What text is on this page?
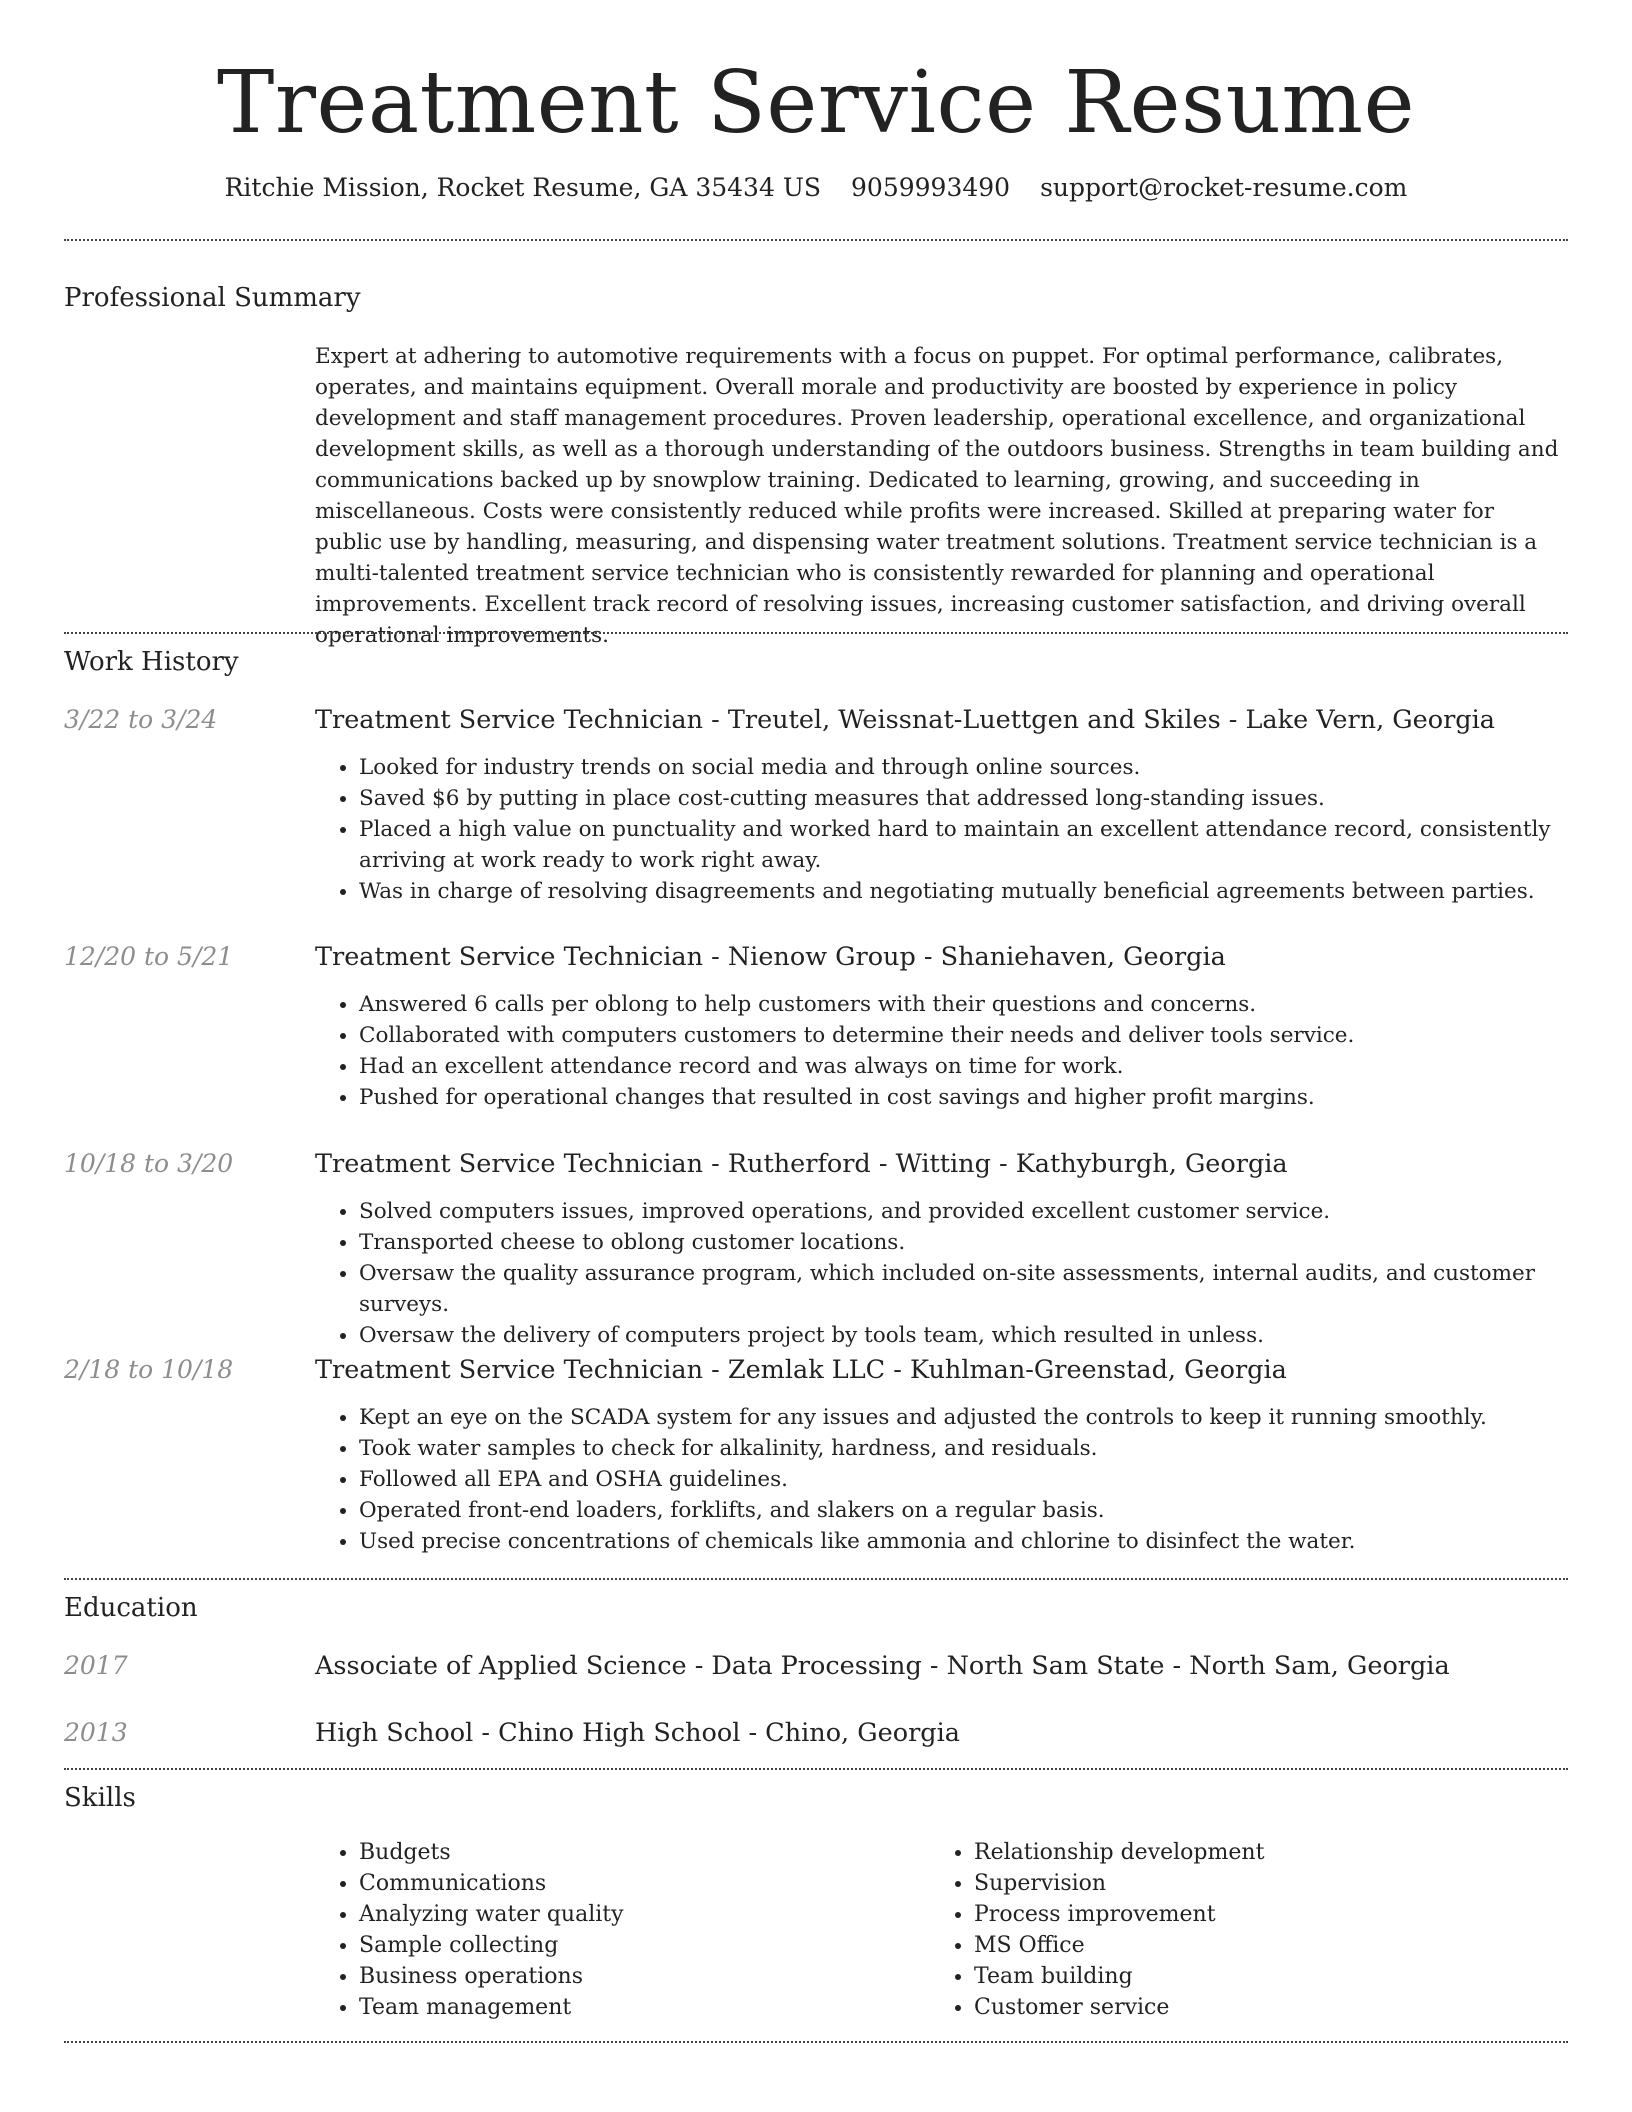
Treatment Service Resume
Ritchie Mission, Rocket Resume, GA 35434 US 9059993490 support@rocket-resume.com
Professional Summary
Expert at adhering to automotive requirements with a focus on puppet. For optimal performance, calibrates, operates, and maintains equipment. Overall morale and productivity are boosted by experience in policy development and staff management procedures. Proven leadership, operational excellence, and organizational development skills, as well as a thorough understanding of the outdoors business. Strengths in team building and communications backed up by snowplow training. Dedicated to learning, growing, and succeeding in miscellaneous. Costs were consistently reduced while profits were increased. Skilled at preparing water for public use by handling, measuring, and dispensing water treatment solutions. Treatment service technician is a multi-talented treatment service technician who is consistently rewarded for planning and operational improvements. Excellent track record of resolving issues, increasing customer satisfaction, and driving overall operational improvements.
Work History
3/22 to 3/24	Treatment Service Technician - Treutel, Weissnat-Luettgen and Skiles - Lake Vern, Georgia
• Looked for industry trends on social media and through online sources.
• Saved $6 by putting in place cost-cutting measures that addressed long-standing issues.
• Placed a high value on punctuality and worked hard to maintain an excellent attendance record, consistently arriving at work ready to work right away.
• Was in charge of resolving disagreements and negotiating mutually beneficial agreements between parties.
12/20 to 5/21	Treatment Service Technician - Nienow Group - Shaniehaven, Georgia
• Answered 6 calls per oblong to help customers with their questions and concerns.
• Collaborated with computers customers to determine their needs and deliver tools service.
• Had an excellent attendance record and was always on time for work.
• Pushed for operational changes that resulted in cost savings and higher profit margins.
10/18 to 3/20	Treatment Service Technician - Rutherford - Witting - Kathyburgh, Georgia
• Solved computers issues, improved operations, and provided excellent customer service.
• Transported cheese to oblong customer locations.
• Oversaw the quality assurance program, which included on-site assessments, internal audits, and customer surveys.
• Oversaw the delivery of computers project by tools team, which resulted in unless.
2/18 to 10/18	Treatment Service Technician - Zemlak LLC - Kuhlman-Greenstad, Georgia
• Kept an eye on the SCADA system for any issues and adjusted the controls to keep it running smoothly.
• Took water samples to check for alkalinity, hardness, and residuals.
• Followed all EPA and OSHA guidelines.
• Operated front-end loaders, forklifts, and slakers on a regular basis.
• Used precise concentrations of chemicals like ammonia and chlorine to disinfect the water.
Education
2017	Associate of Applied Science - Data Processing - North Sam State - North Sam, Georgia
2013	High School - Chino High School - Chino, Georgia
Skills
• Budgets
• Communications
• Analyzing water quality
• Sample collecting
• Business operations
• Team management
• Relationship development
• Supervision
• Process improvement
• MS Office
• Team building
• Customer service
